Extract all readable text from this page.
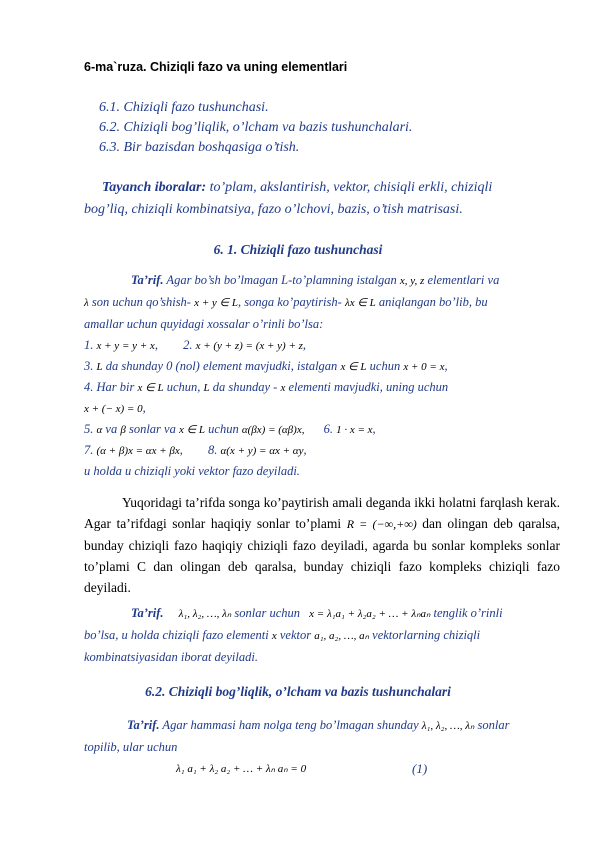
6-ma`ruza. Chiziqli fazo va uning elementlari
6.1. Chiziqli fazo tushunchasi.
6.2. Chiziqli bog’liqlik, o’lcham va bazis tushunchalari.
6.3. Bir bazisdan boshqasiga o’tish.
Tayanch iboralar: to’plam, akslantirish, vektor, chisiqli erkli, chiziqli
bog’liq, chiziqli kombinatsiya, fazo o’lchovi, bazis, o’tish matrisasi.
6. 1. Chiziqli fazo tushunchasi
Ta’rif. Agar bo’sh bo’lmagan L-to’plamning istalgan x, y, z elementlari va
λ son uchun qo’shish- x + y ∈ L, songa ko’paytirish- λx ∈ L aniqlangan bo’lib, bu
amallar uchun quyidagi xossalar o’rinli bo’lsa:
1. x + y = y + x, 2. x + (y + z) = (x + y) + z,
3. L da shunday 0 (nol) element mavjudki, istalgan x ∈ L uchun x + 0 = x,
4. Har bir x ∈ L uchun, L da shunday - x elementi mavjudki, uning uchun
x + (− x) = 0,
5. α va β sonlar va x ∈ L uchun α(βx) = (αβ)x, 6. 1 · x = x,
7. (α + β)x = αx + βx, 8. α(x + y) = αx + αy,
u holda u chiziqli yoki vektor fazo deyiladi.
Yuqoridagi ta’rifda songa ko’paytirish amali deganda ikki holatni farqlash kerak. Agar ta’rifdagi sonlar haqiqiy sonlar to’plami R = (−∞,+∞) dan olingan deb qaralsa, bunday chiziqli fazo haqiqiy chiziqli fazo deyiladi, agarda bu sonlar kompleks sonlar to’plami C dan olingan deb qaralsa, bunday chiziqli fazo kompleks chiziqli fazo deyiladi.
Ta’rif. λ₁, λ₂, …, λₙ sonlar uchun x = λ₁a₁ + λ₂a₂ + … + λₙaₙ tenglik o’rinli
bo’lsa, u holda chiziqli fazo elementi x vektor a₁, a₂, …, aₙ vektorlarning chiziqli
kombinatsiyasidan iborat deyiladi.
6.2. Chiziqli bog’liqlik, o’lcham va bazis tushunchalari
Ta’rif. Agar hammasi ham nolga teng bo’lmagan shunday λ₁, λ₂, …, λₙ sonlar
topilib, ular uchun
λ₁ a₁ + λ₂ a₂ + … + λₙ aₙ = 0	(1)
